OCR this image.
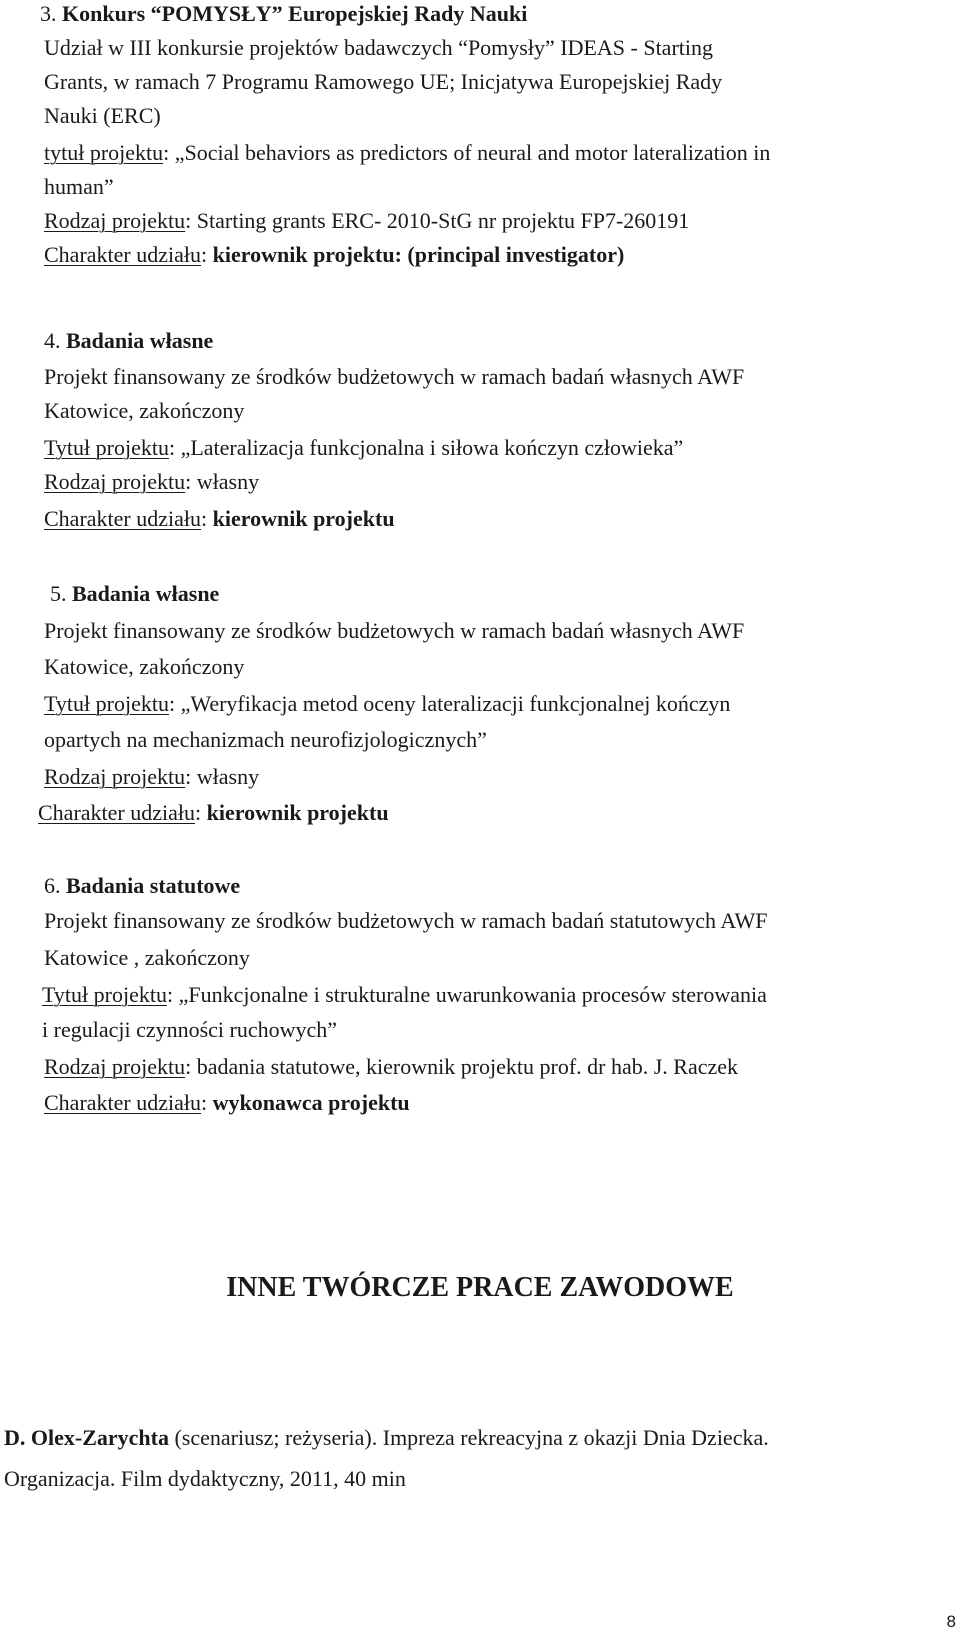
3. Konkurs “POMYSŁY” Europejskiej Rady Nauki
Udział w III konkursie projektów badawczych “Pomysły” IDEAS - Starting
Grants, w ramach 7 Programu Ramowego UE; Inicjatywa Europejskiej Rady
Nauki (ERC)
tytuł projektu: „Social behaviors as predictors of neural and motor lateralization in
human”
Rodzaj projektu: Starting grants ERC- 2010-StG nr projektu FP7-260191
Charakter udziału: kierownik projektu: (principal investigator)
4. Badania własne
Projekt finansowany ze środków budżetowych w ramach badań własnych AWF
Katowice, zakończony
Tytuł projektu: „Lateralizacja funkcjonalna i siłowa kończyn człowieka”
Rodzaj projektu: własny
Charakter udziału: kierownik projektu
5. Badania własne
Projekt finansowany ze środków budżetowych w ramach badań własnych AWF
Katowice, zakończony
Tytuł projektu: „Weryfikacja metod oceny lateralizacji funkcjonalnej kończyn
opartych na mechanizmach neurofizjologicznych”
Rodzaj projektu: własny
Charakter udziału: kierownik projektu
6. Badania statutowe
Projekt finansowany ze środków budżetowych w ramach badań statutowych AWF
Katowice , zakończony
Tytuł projektu: „Funkcjonalne i strukturalne uwarunkowania procesów sterowania
i regulacji czynności ruchowych”
Rodzaj projektu: badania statutowe, kierownik projektu prof. dr hab. J. Raczek
Charakter udziału: wykonawca projektu
INNE TWÓRCZE PRACE ZAWODOWE
D. Olex-Zarychta (scenariusz; reżyseria). Impreza rekreacyjna z okazji Dnia Dziecka.
Organizacja. Film dydaktyczny, 2011, 40 min
8
